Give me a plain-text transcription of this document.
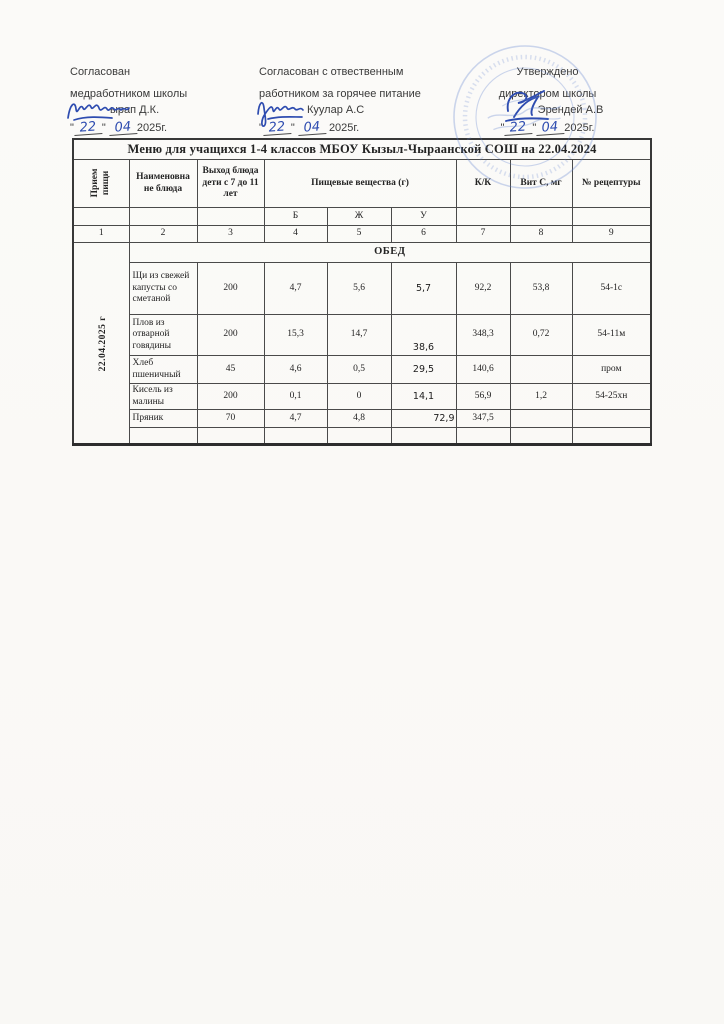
Согласован
медработником школы
ырап Д.К.
" 22 " 04 2025г.
Согласован с отвественным
работником за горячее питание
Куулар А.С
" 22 " 04 2025г.
Утверждено
директором школы
Эрендей А.В
" 22 " 04 2025г.
Меню для учащихся 1-4 классов МБОУ Кызыл-Чыраанской СОШ на 22.04.2024								
Прием пищи	Наименовна не блюда	Выход блюда дети с 7 до 11 лет	Пищевые вещества (г)			К/К	Вит С, мг	№ рецептуры
			Б	Ж	У			
1	2	3	4	5	6	7	8	9
22.04.2025 г	ОБЕД							
	Щи из свежей капусты со сметаной	200	4,7	5,6	5,7	92,2	53,8	54-1с
	Плов из отварной говядины	200	15,3	14,7	38,6	348,3	0,72	54-11м
	Хлеб пшеничный	45	4,6	0,5	29,5	140,6		пром
	Кисель из малины	200	0,1	0	14,1	56,9	1,2	54-25хн
	Пряник	70	4,7	4,8	72,9	347,5		
